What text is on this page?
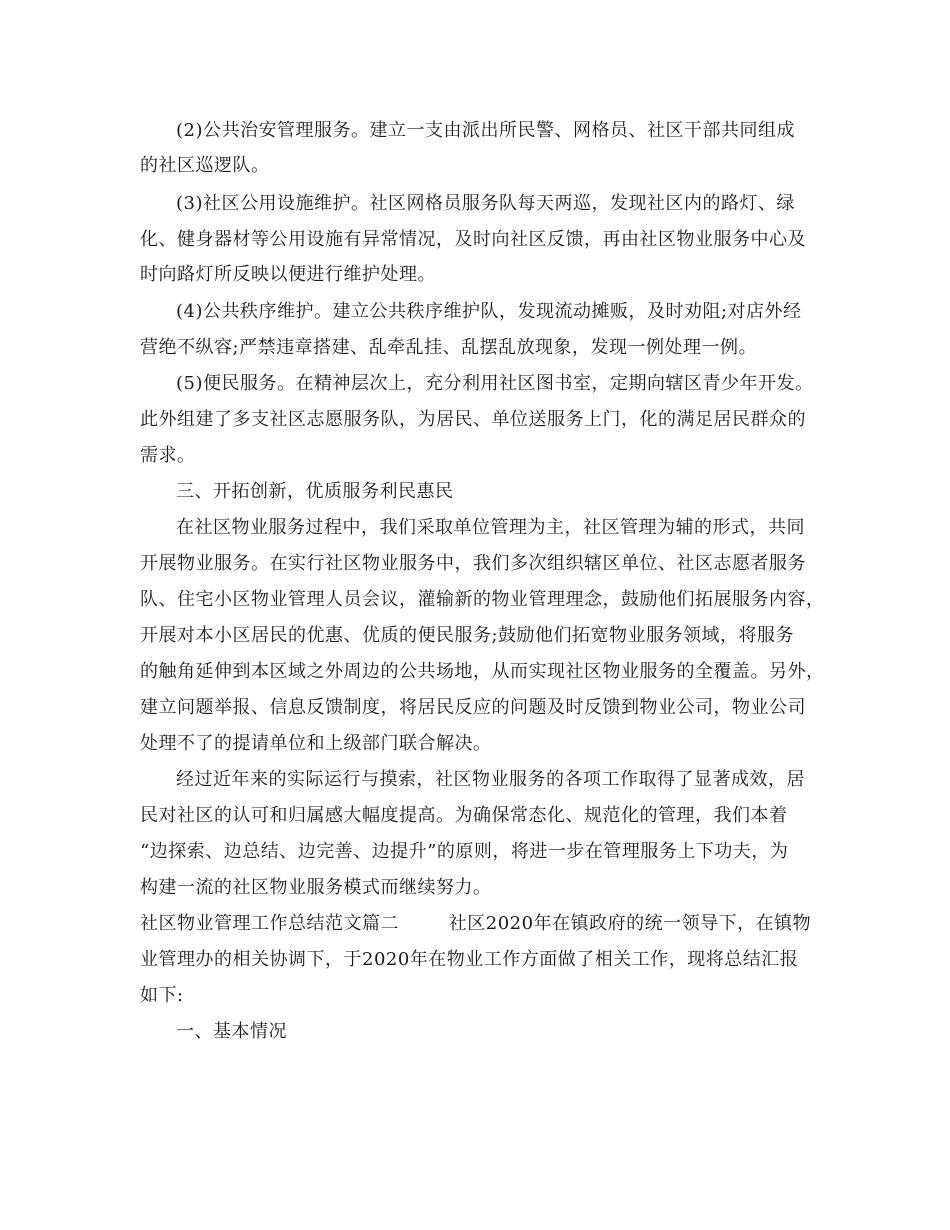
(2)公共治安管理服务。建立一支由派出所民警、网格员、社区干部共同组成
的社区巡逻队。
(3)社区公用设施维护。社区网格员服务队每天两巡，发现社区内的路灯、绿
化、健身器材等公用设施有异常情况，及时向社区反馈，再由社区物业服务中心及
时向路灯所反映以便进行维护处理。
(4)公共秩序维护。建立公共秩序维护队，发现流动摊贩，及时劝阻;对店外经
营绝不纵容;严禁违章搭建、乱牵乱挂、乱摆乱放现象，发现一例处理一例。
(5)便民服务。在精神层次上，充分利用社区图书室，定期向辖区青少年开发。
此外组建了多支社区志愿服务队，为居民、单位送服务上门，化的满足居民群众的
需求。
三、开拓创新，优质服务利民惠民
在社区物业服务过程中，我们采取单位管理为主，社区管理为辅的形式，共同
开展物业服务。在实行社区物业服务中，我们多次组织辖区单位、社区志愿者服务
队、住宅小区物业管理人员会议，灌输新的物业管理理念，鼓励他们拓展服务内容，
开展对本小区居民的优惠、优质的便民服务;鼓励他们拓宽物业服务领域，将服务
的触角延伸到本区域之外周边的公共场地，从而实现社区物业服务的全覆盖。另外，
建立问题举报、信息反馈制度，将居民反应的问题及时反馈到物业公司，物业公司
处理不了的提请单位和上级部门联合解决。
经过近年来的实际运行与摸索，社区物业服务的各项工作取得了显著成效，居
民对社区的认可和归属感大幅度提高。为确保常态化、规范化的管理，我们本着
“边探索、边总结、边完善、边提升”的原则，将进一步在管理服务上下功夫，为
构建一流的社区物业服务模式而继续努力。
社区物业管理工作总结范文篇二        社区2020年在镇政府的统一领导下，在镇物
业管理办的相关协调下，于2020年在物业工作方面做了相关工作，现将总结汇报
如下:
一、基本情况
